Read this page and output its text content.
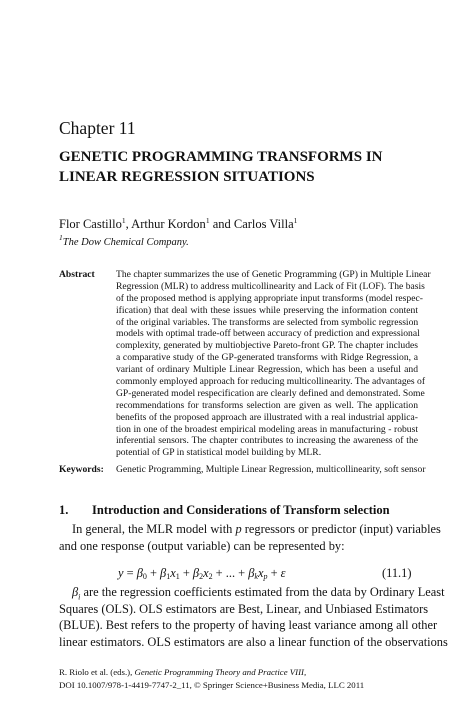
Chapter 11
GENETIC PROGRAMMING TRANSFORMS IN
LINEAR REGRESSION SITUATIONS
Flor Castillo$^1$, Arthur Kordon$^1$ and Carlos Villa$^1$
$^1$The Dow Chemical Company.
Abstract The chapter summarizes the use of Genetic Programming (GP) in Multiple Linear
Regression (MLR) to address multicollinearity and Lack of Fit (LOF). The basis
of the proposed method is applying appropriate input transforms (model respec-
ification) that deal with these issues while preserving the information content
of the original variables. The transforms are selected from symbolic regression
models with optimal trade-off between accuracy of prediction and expressional
complexity, generated by multiobjective Pareto-front GP. The chapter includes
a comparative study of the GP-generated transforms with Ridge Regression, a
variant of ordinary Multiple Linear Regression, which has been a useful and
commonly employed approach for reducing multicollinearity. The advantages of
GP-generated model respecification are clearly defined and demonstrated. Some
recommendations for transforms selection are given as well. The application
benefits of the proposed approach are illustrated with a real industrial applica-
tion in one of the broadest empirical modeling areas in manufacturing - robust
inferential sensors. The chapter contributes to increasing the awareness of the
potential of GP in statistical model building by MLR.
Keywords: Genetic Programming, Multiple Linear Regression, multicollinearity, soft sensor
1. Introduction and Considerations of Transform selection
In general, the MLR model with p regressors or predictor (input) variables
and one response (output variable) can be represented by:
$y = \beta_0 + \beta_1x_1 + \beta_2x_2$ + ... + $\beta_kx_p + \varepsilon$	(11.1)
$\beta_i$ are the regression coefficients estimated from the data by Ordinary Least
Squares (OLS). OLS estimators are Best, Linear, and Unbiased Estimators
(BLUE). Best refers to the property of having least variance among all other
linear estimators. OLS estimators are also a linear function of the observations
R. Riolo et al. (eds.), Genetic Programming Theory and Practice VIII,
DOI 10.1007/978-1-4419-7747-2_11, © Springer Science+Business Media, LLC 2011
